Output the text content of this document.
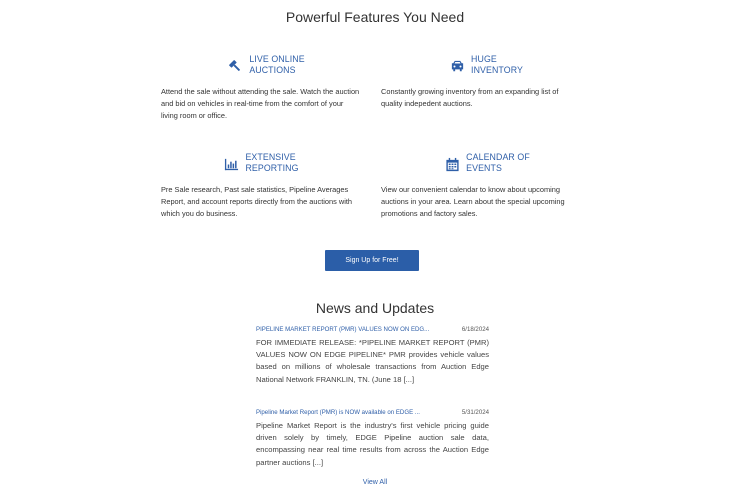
Powerful Features You Need
LIVE ONLINE
AUCTIONS

Attend the sale without attending the sale. Watch the auction and bid on vehicles in real-time from the comfort of your living room or office.

HUGE
INVENTORY

Constantly growing inventory from an expanding list of quality indepedent auctions.

EXTENSIVE
REPORTING

Pre Sale research, Past sale statistics, Pipeline Averages Report, and account reports directly from the auctions with which you do business.

CALENDAR OF
EVENTS

View our convenient calendar to know about upcoming auctions in your area. Learn about the special upcoming promotions and factory sales.

Sign Up for Free!
News and Updates
PIPELINE MARKET REPORT (PMR) VALUES NOW ON EDG...	6/18/2024

FOR IMMEDIATE RELEASE: *PIPELINE MARKET REPORT (PMR) VALUES NOW ON EDGE PIPELINE* PMR provides vehicle values based on millions of wholesale transactions from Auction Edge National Network FRANKLIN, TN. (June 18 [...]

Pipeline Market Report (PMR) is NOW available on EDGE ...	5/31/2024

Pipeline Market Report is the industry's first vehicle pricing guide driven solely by timely, EDGE Pipeline auction sale data, encompassing near real time results from across the Auction Edge partner auctions [...]

View All
